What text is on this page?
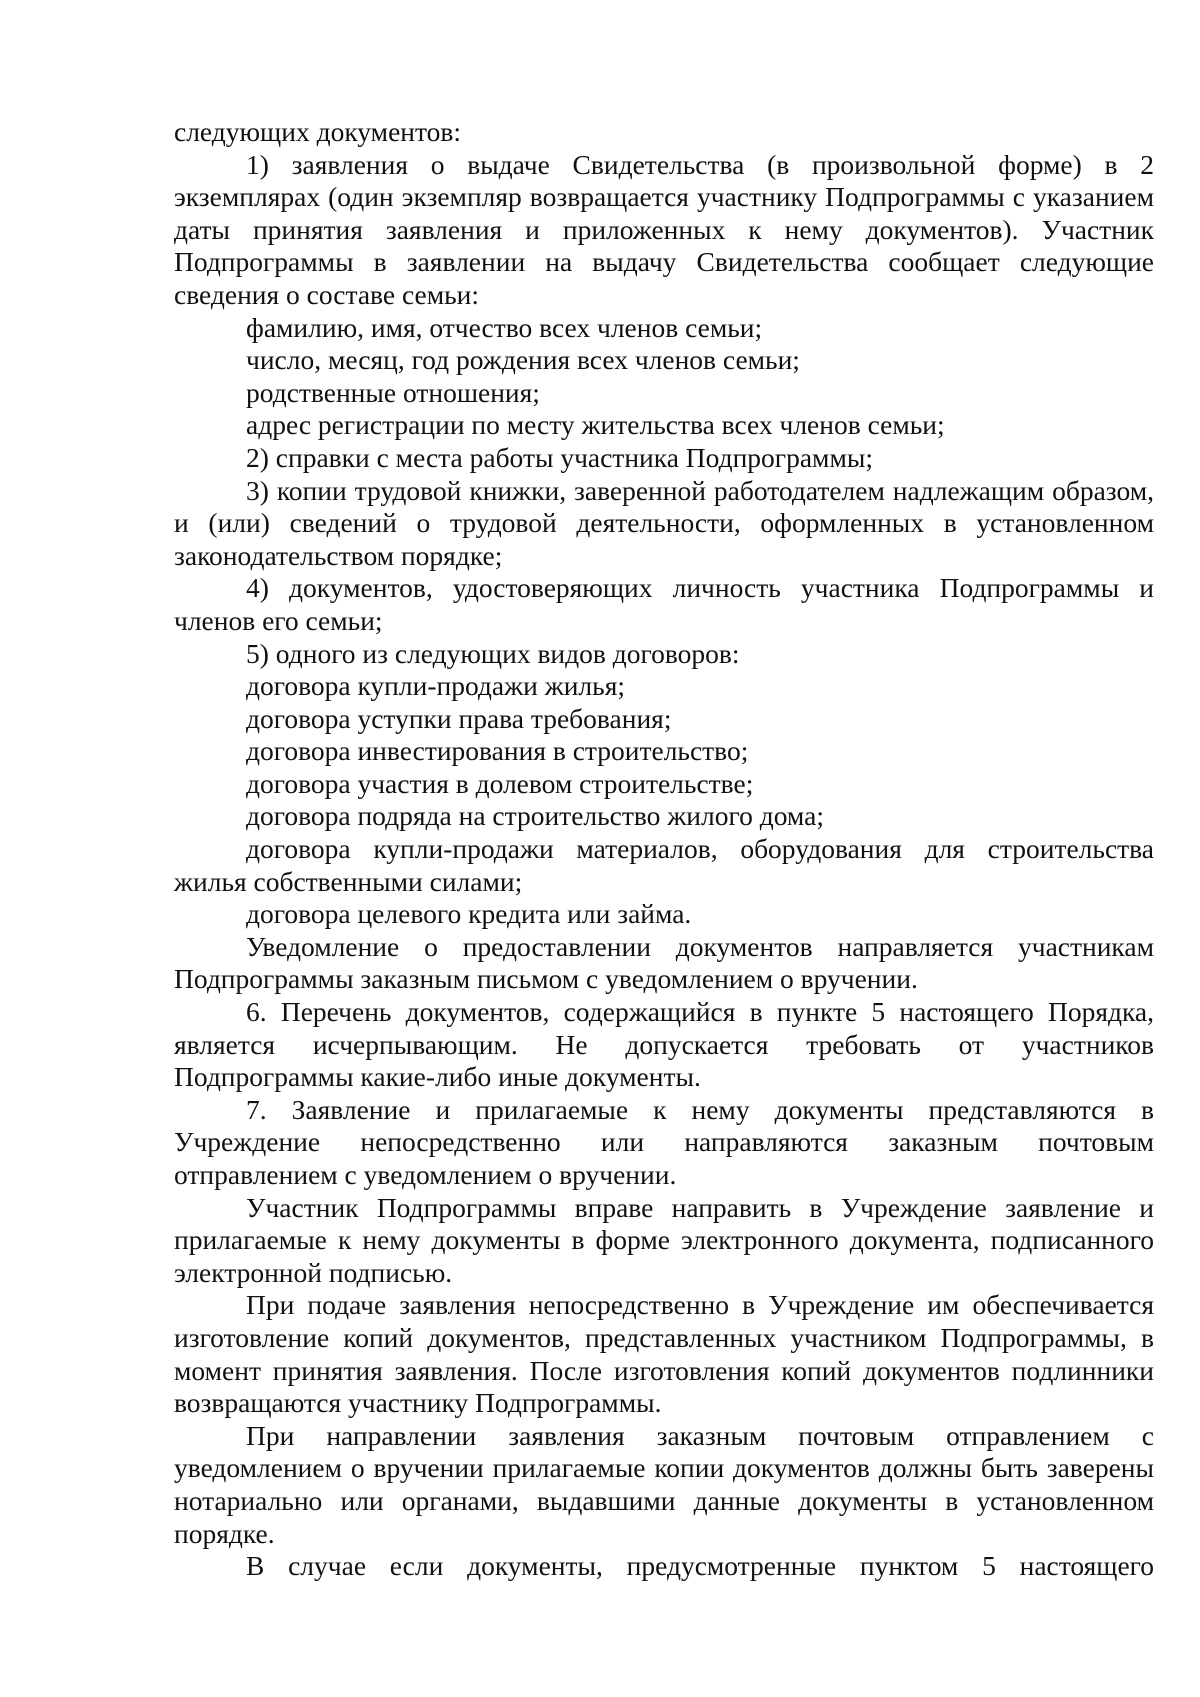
следующих документов:

1) заявления о выдаче Свидетельства (в произвольной форме) в 2 экземплярах (один экземпляр возвращается участнику Подпрограммы с указанием даты принятия заявления и приложенных к нему документов). Участник Подпрограммы в заявлении на выдачу Свидетельства сообщает следующие сведения о составе семьи:

фамилию, имя, отчество всех членов семьи;

число, месяц, год рождения всех членов семьи;

родственные отношения;

адрес регистрации по месту жительства всех членов семьи;

2) справки с места работы участника Подпрограммы;

3) копии трудовой книжки, заверенной работодателем надлежащим образом, и (или) сведений о трудовой деятельности, оформленных в установленном законодательством порядке;

4) документов, удостоверяющих личность участника Подпрограммы и членов его семьи;

5) одного из следующих видов договоров:

договора купли-продажи жилья;

договора уступки права требования;

договора инвестирования в строительство;

договора участия в долевом строительстве;

договора подряда на строительство жилого дома;

договора купли-продажи материалов, оборудования для строительства жилья собственными силами;

договора целевого кредита или займа.

Уведомление о предоставлении документов направляется участникам Подпрограммы заказным письмом с уведомлением о вручении.

6. Перечень документов, содержащийся в пункте 5 настоящего Порядка, является исчерпывающим. Не допускается требовать от участников Подпрограммы какие-либо иные документы.

7. Заявление и прилагаемые к нему документы представляются в Учреждение непосредственно или направляются заказным почтовым отправлением с уведомлением о вручении.

Участник Подпрограммы вправе направить в Учреждение заявление и прилагаемые к нему документы в форме электронного документа, подписанного электронной подписью.

При подаче заявления непосредственно в Учреждение им обеспечивается изготовление копий документов, представленных участником Подпрограммы, в момент принятия заявления. После изготовления копий документов подлинники возвращаются участнику Подпрограммы.

При направлении заявления заказным почтовым отправлением с уведомлением о вручении прилагаемые копии документов должны быть заверены нотариально или органами, выдавшими данные документы в установленном порядке.

В случае если документы, предусмотренные пунктом 5 настоящего
